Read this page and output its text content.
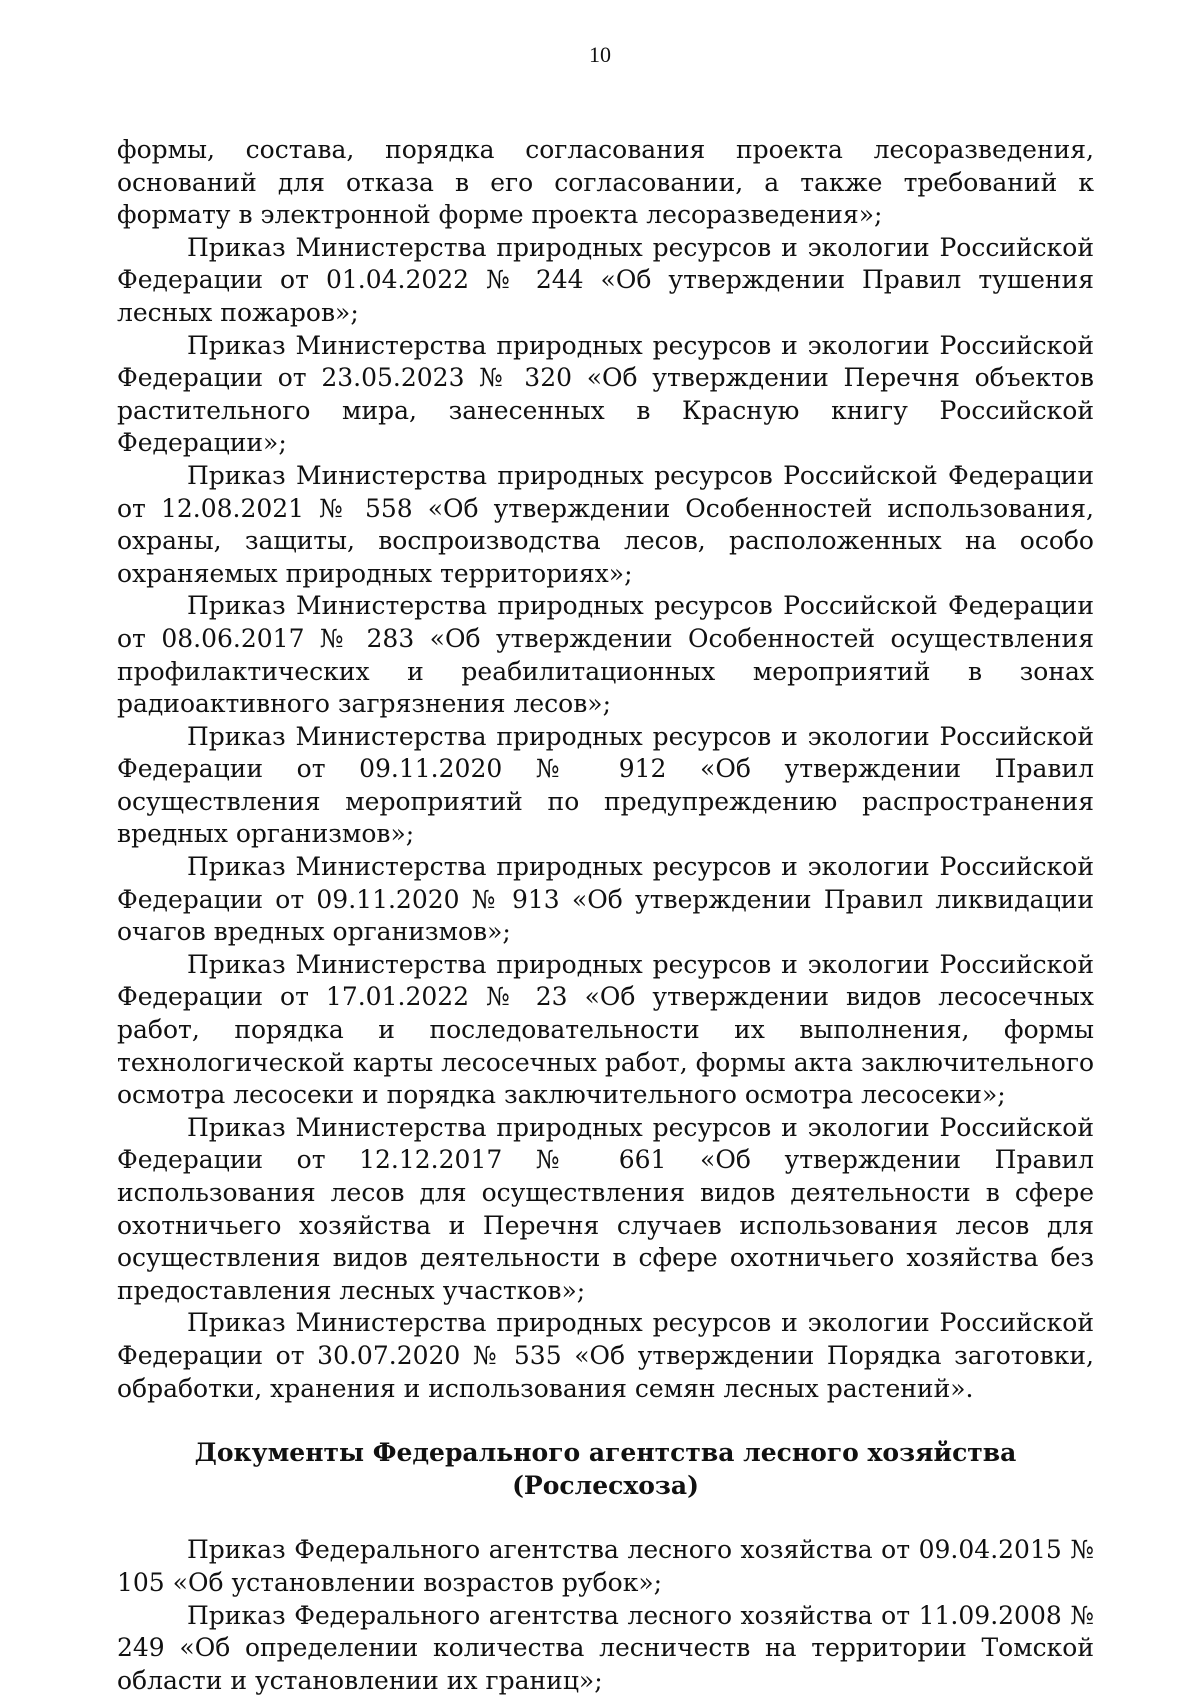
10

формы, состава, порядка согласования проекта лесоразведения, оснований для отказа в его согласовании, а также требований к формату в электронной форме проекта лесоразведения»;

Приказ Министерства природных ресурсов и экологии Российской Федерации от 01.04.2022 № 244 «Об утверждении Правил тушения лесных пожаров»;

Приказ Министерства природных ресурсов и экологии Российской Федерации от 23.05.2023 № 320 «Об утверждении Перечня объектов растительного мира, занесенных в Красную книгу Российской Федерации»;

Приказ Министерства природных ресурсов Российской Федерации от 12.08.2021 № 558 «Об утверждении Особенностей использования, охраны, защиты, воспроизводства лесов, расположенных на особо охраняемых природных территориях»;

Приказ Министерства природных ресурсов Российской Федерации от 08.06.2017 № 283 «Об утверждении Особенностей осуществления профилактических и реабилитационных мероприятий в зонах радиоактивного загрязнения лесов»;

Приказ Министерства природных ресурсов и экологии Российской Федерации от 09.11.2020 № 912 «Об утверждении Правил осуществления мероприятий по предупреждению распространения вредных организмов»;

Приказ Министерства природных ресурсов и экологии Российской Федерации от 09.11.2020 № 913 «Об утверждении Правил ликвидации очагов вредных организмов»;

Приказ Министерства природных ресурсов и экологии Российской Федерации от 17.01.2022 № 23 «Об утверждении видов лесосечных работ, порядка и последовательности их выполнения, формы технологической карты лесосечных работ, формы акта заключительного осмотра лесосеки и порядка заключительного осмотра лесосеки»;

Приказ Министерства природных ресурсов и экологии Российской Федерации от 12.12.2017 № 661 «Об утверждении Правил использования лесов для осуществления видов деятельности в сфере охотничьего хозяйства и Перечня случаев использования лесов для осуществления видов деятельности в сфере охотничьего хозяйства без предоставления лесных участков»;

Приказ Министерства природных ресурсов и экологии Российской Федерации от 30.07.2020 № 535 «Об утверждении Порядка заготовки, обработки, хранения и использования семян лесных растений».

Документы Федерального агентства лесного хозяйства (Рослесхоза)

Приказ Федерального агентства лесного хозяйства от 09.04.2015 № 105 «Об установлении возрастов рубок»;

Приказ Федерального агентства лесного хозяйства от 11.09.2008 № 249 «Об определении количества лесничеств на территории Томской области и установлении их границ»;
